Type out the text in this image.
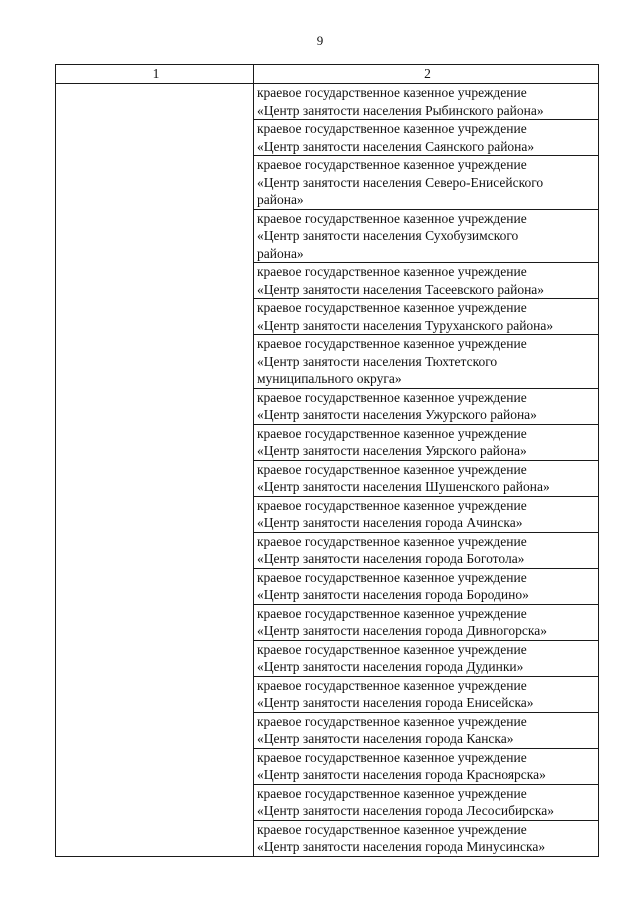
9
1	2

	краевое государственное казенное учреждение
«Центр занятости населения Рыбинского района»

	краевое государственное казенное учреждение
«Центр занятости населения Саянского района»

	краевое государственное казенное учреждение
«Центр занятости населения Северо-Енисейского
района»

	краевое государственное казенное учреждение
«Центр занятости населения Сухобузимского
района»

	краевое государственное казенное учреждение
«Центр занятости населения Тасеевского района»

	краевое государственное казенное учреждение
«Центр занятости населения Туруханского района»

	краевое государственное казенное учреждение
«Центр занятости населения Тюхтетского
муниципального округа»

	краевое государственное казенное учреждение
«Центр занятости населения Ужурского района»

	краевое государственное казенное учреждение
«Центр занятости населения Уярского района»

	краевое государственное казенное учреждение
«Центр занятости населения Шушенского района»

	краевое государственное казенное учреждение
«Центр занятости населения города Ачинска»

	краевое государственное казенное учреждение
«Центр занятости населения города Боготола»

	краевое государственное казенное учреждение
«Центр занятости населения города Бородино»

	краевое государственное казенное учреждение
«Центр занятости населения города Дивногорска»

	краевое государственное казенное учреждение
«Центр занятости населения города Дудинки»

	краевое государственное казенное учреждение
«Центр занятости населения города Енисейска»

	краевое государственное казенное учреждение
«Центр занятости населения города Канска»

	краевое государственное казенное учреждение
«Центр занятости населения города Красноярска»

	краевое государственное казенное учреждение
«Центр занятости населения города Лесосибирска»

	краевое государственное казенное учреждение
«Центр занятости населения города Минусинска»
